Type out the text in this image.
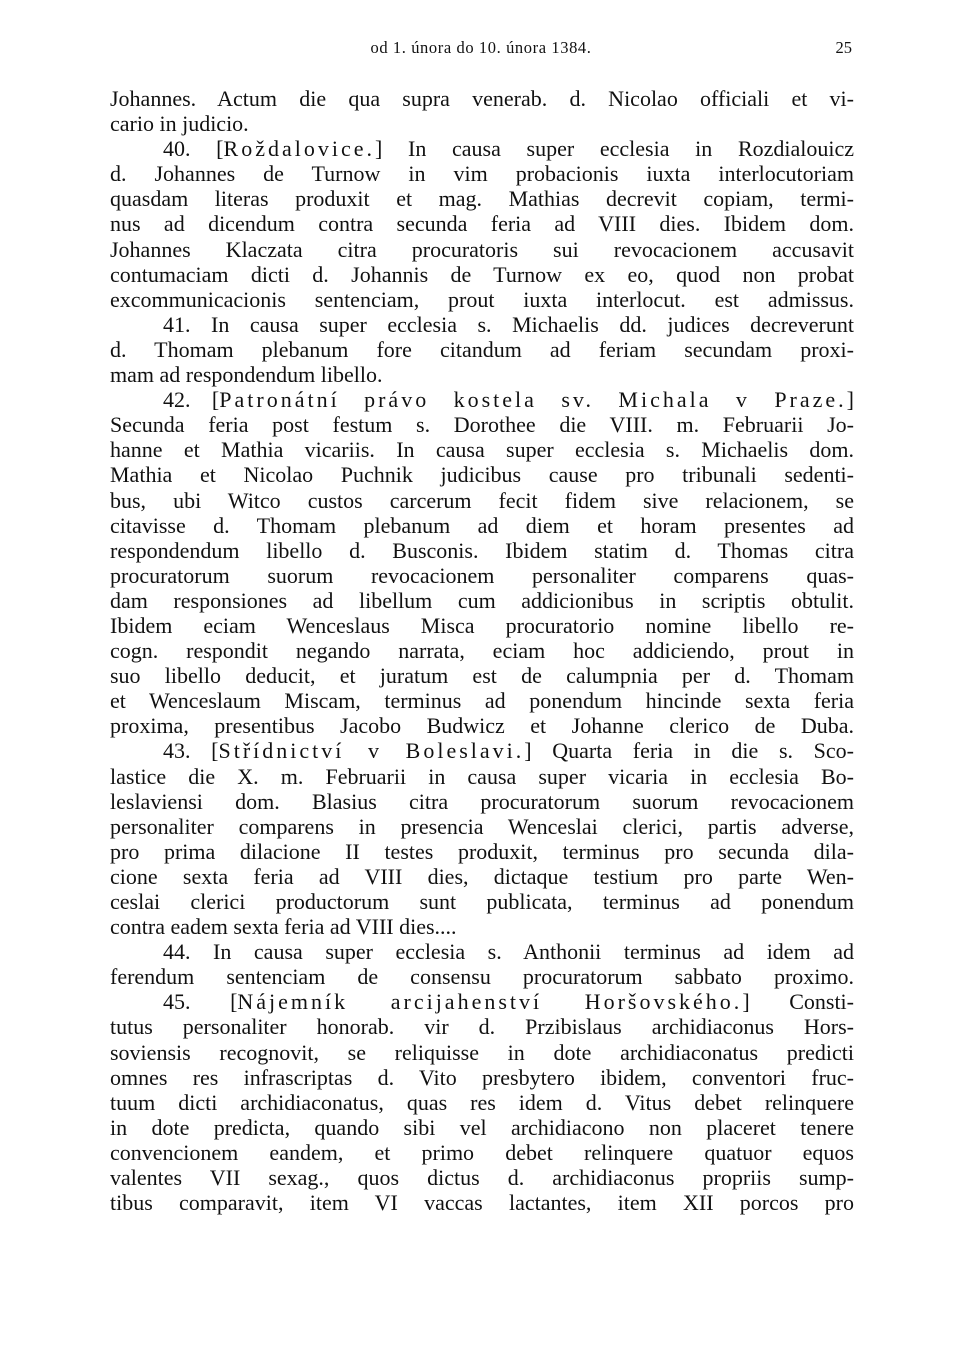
od 1. února do 10. února 1384.	25
Johannes. Actum die qua supra venerab. d. Nicolao officiali et vi-
cario in judicio.
40. [Roždalovice.] In causa super ecclesia in Rozdialouicz
d. Johannes de Turnow in vim probacionis iuxta interlocutoriam
quasdam literas produxit et mag. Mathias decrevit copiam, termi-
nus ad dicendum contra secunda feria ad VIII dies. Ibidem dom.
Johannes Klaczata citra procuratoris sui revocacionem accusavit
contumaciam dicti d. Johannis de Turnow ex eo, quod non probat
excommunicacionis sentenciam, prout iuxta interlocut. est admissus.
41. In causa super ecclesia s. Michaelis dd. judices decreverunt
d. Thomam plebanum fore citandum ad feriam secundam proxi-
mam ad respondendum libello.
42. [Patronátní právo kostela sv. Michala v Praze.]
Secunda feria post festum s. Dorothee die VIII. m. Februarii Jo-
hanne et Mathia vicariis. In causa super ecclesia s. Michaelis dom.
Mathia et Nicolao Puchnik judicibus cause pro tribunali sedenti-
bus, ubi Witco custos carcerum fecit fidem sive relacionem, se
citavisse d. Thomam plebanum ad diem et horam presentes ad
respondendum libello d. Busconis. Ibidem statim d. Thomas citra
procuratorum suorum revocacionem personaliter comparens quas-
dam responsiones ad libellum cum addicionibus in scriptis obtulit.
Ibidem eciam Wenceslaus Misca procuratorio nomine libello re-
cogn. respondit negando narrata, eciam hoc addiciendo, prout in
suo libello deducit, et juratum est de calumpnia per d. Thomam
et Wenceslaum Miscam, terminus ad ponendum hincinde sexta feria
proxima, presentibus Jacobo Budwicz et Johanne clerico de Duba.
43. [Střídnictví v Boleslavi.] Quarta feria in die s. Sco-
lastice die X. m. Februarii in causa super vicaria in ecclesia Bo-
leslaviensi dom. Blasius citra procuratorum suorum revocacionem
personaliter comparens in presencia Wenceslai clerici, partis adverse,
pro prima dilacione II testes produxit, terminus pro secunda dila-
cione sexta feria ad VIII dies, dictaque testium pro parte Wen-
ceslai clerici productorum sunt publicata, terminus ad ponendum
contra eadem sexta feria ad VIII dies....
44. In causa super ecclesia s. Anthonii terminus ad idem ad
ferendum sentenciam de consensu procuratorum sabbato proximo.
45. [Nájemník arcijahenství Horšovského.] Consti-
tutus personaliter honorab. vir d. Przibislaus archidiaconus Hors-
soviensis recognovit, se reliquisse in dote archidiaconatus predicti
omnes res infrascriptas d. Vito presbytero ibidem, conventori fruc-
tuum dicti archidiaconatus, quas res idem d. Vitus debet relinquere
in dote predicta, quando sibi vel archidiacono non placeret tenere
convencionem eandem, et primo debet relinquere quatuor equos
valentes VII sexag., quos dictus d. archidiaconus propriis sump-
tibus comparavit, item VI vaccas lactantes, item XII porcos pro
